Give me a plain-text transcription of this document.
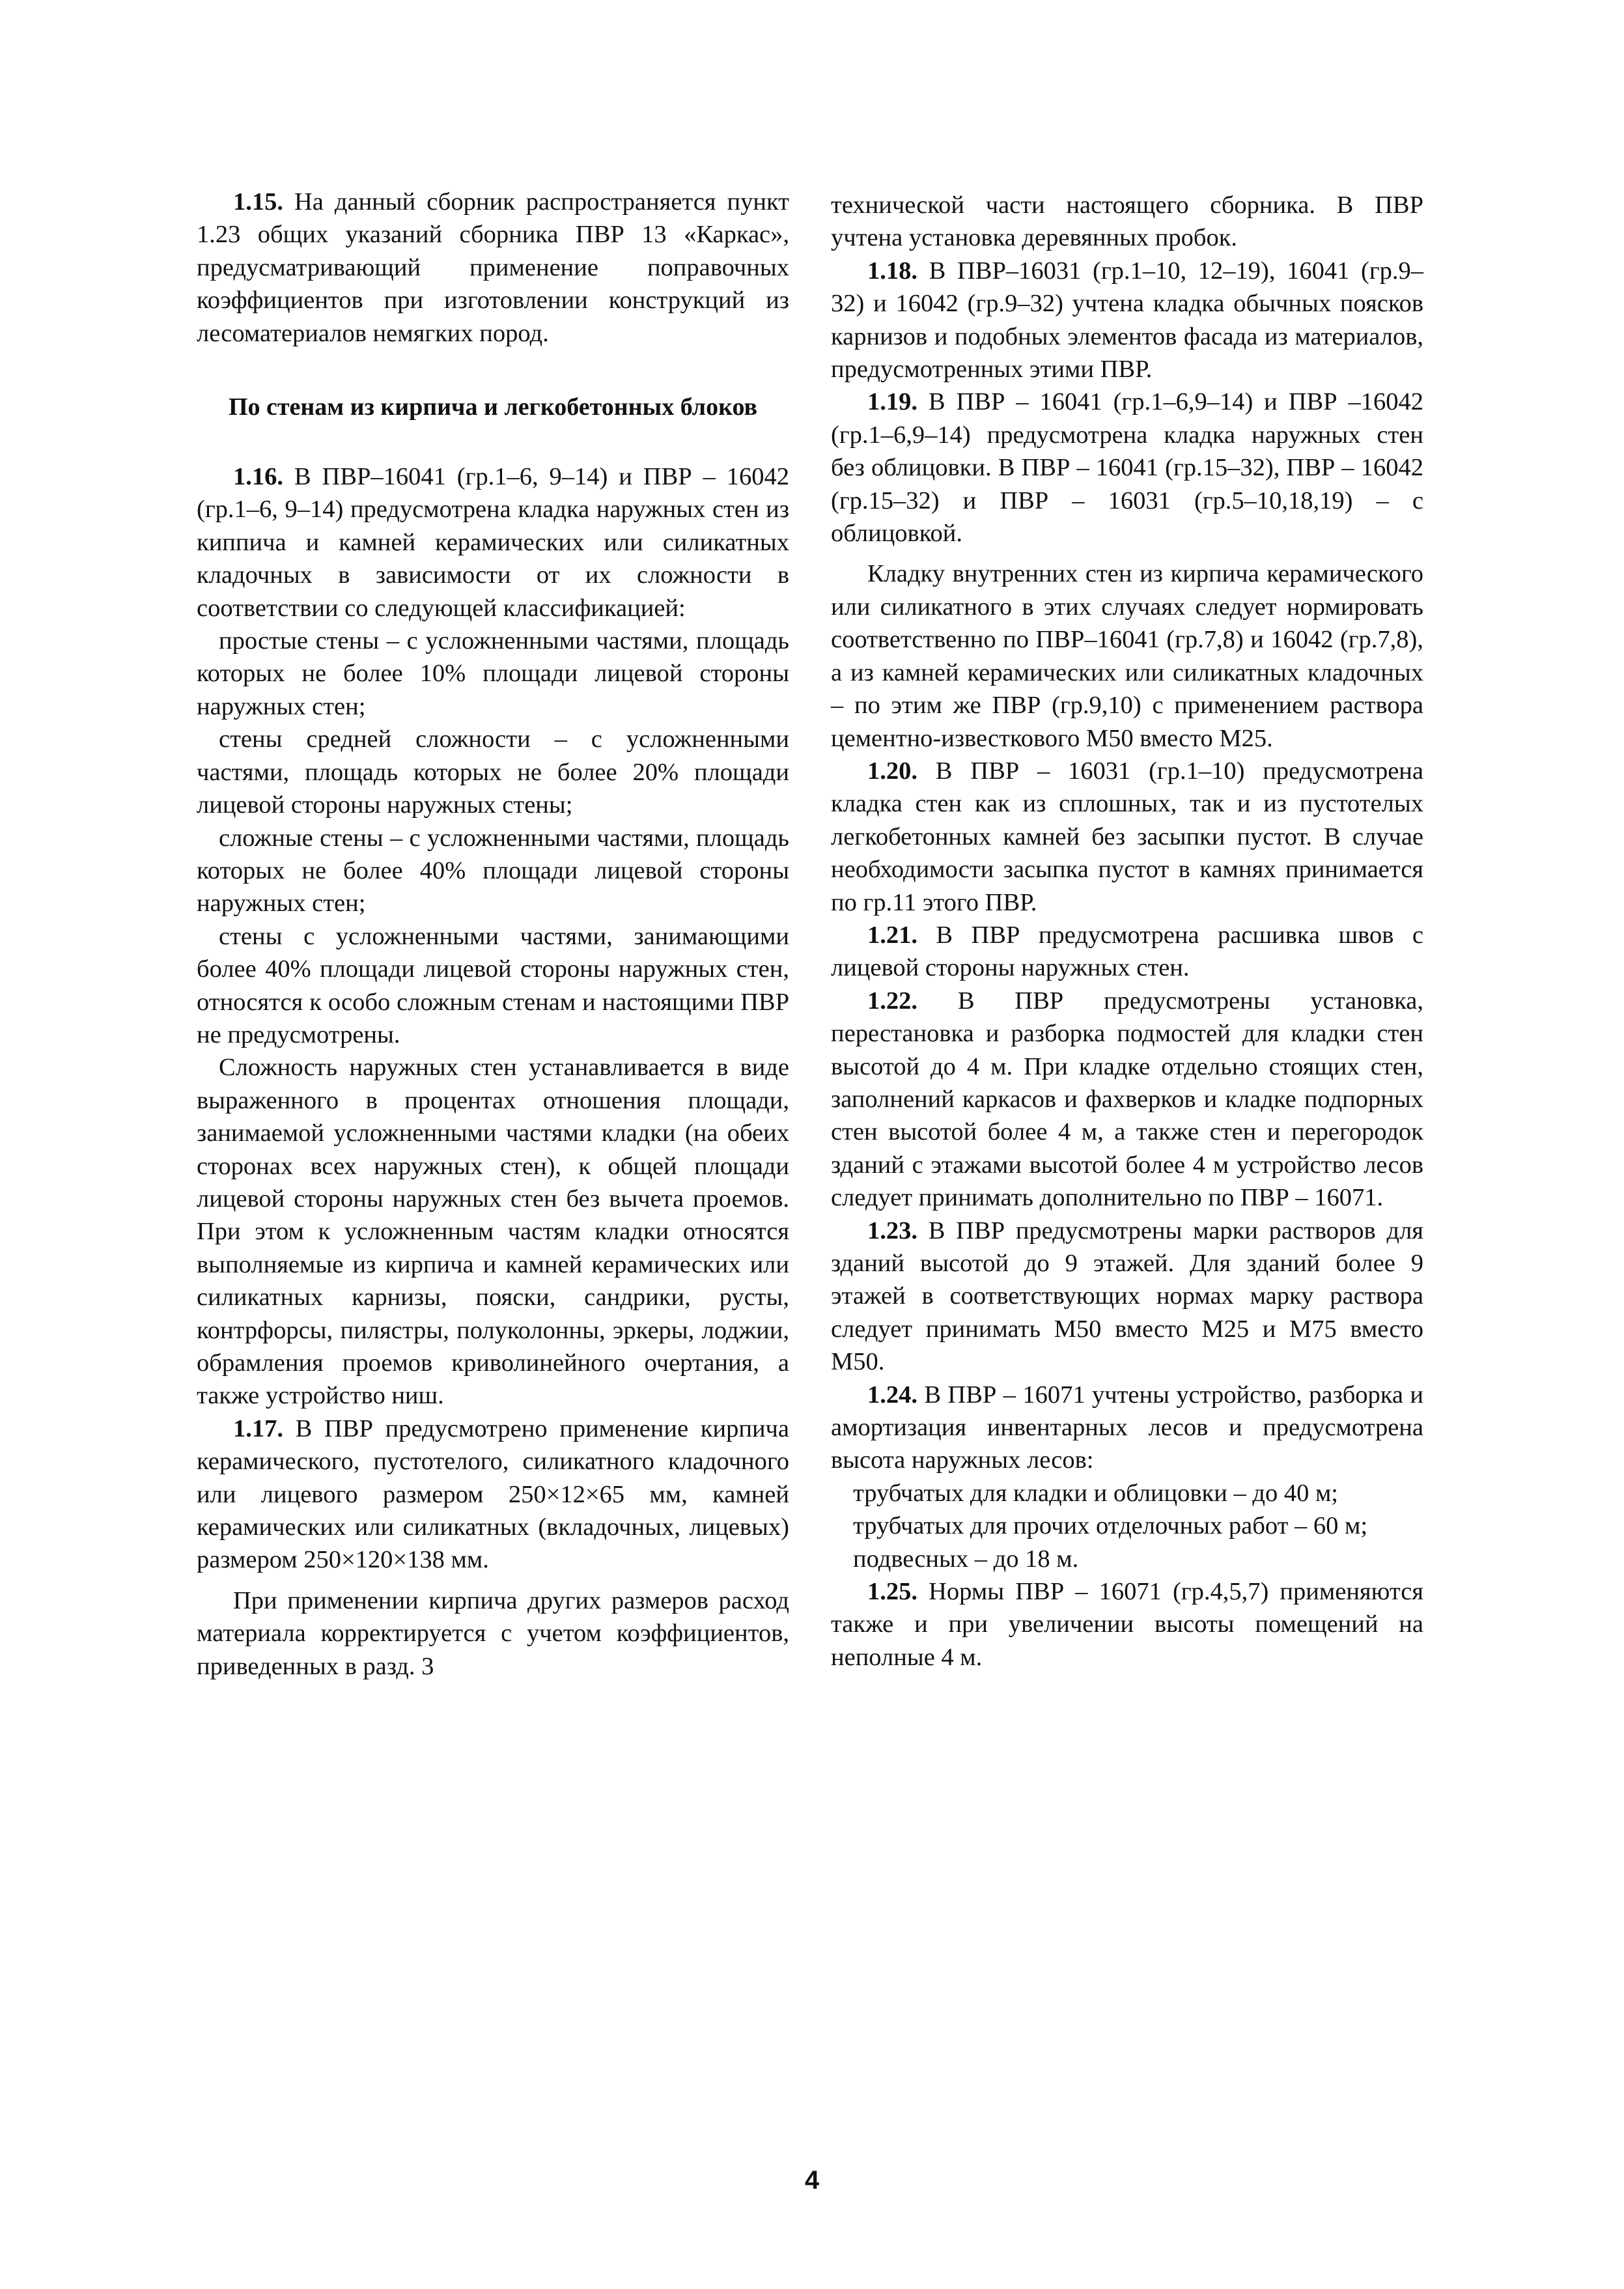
1.15. На данный сборник распространяется пункт 1.23 общих указаний сборника ПВР 13 «Каркас», предусматривающий применение поправочных коэффициентов при изготовлении конструкций из лесоматериалов немягких пород.

По стенам из кирпича и легкобетонных блоков

1.16. В ПВР–16041 (гр.1–6, 9–14) и ПВР – 16042 (гр.1–6, 9–14) предусмотрена кладка наружных стен из киппича и камней керамических или силикатных кладочных в зависимости от их сложности в соответствии со следующей классификацией:

простые стены – с усложненными частями, площадь которых не более 10% площади лицевой стороны наружных стен;

стены средней сложности – с усложненными частями, площадь которых не более 20% площади лицевой стороны наружных стены;

сложные стены – с усложненными частями, площадь которых не более 40% площади лицевой стороны наружных стен;

стены с усложненными частями, занимающими более 40% площади лицевой стороны наружных стен, относятся к особо сложным стенам и настоящими ПВР не предусмотрены.

Сложность наружных стен устанавливается в виде выраженного в процентах отношения площади, занимаемой усложненными частями кладки (на обеих сторонах всех наружных стен), к общей площади лицевой стороны наружных стен без вычета проемов. При этом к усложненным частям кладки относятся выполняемые из кирпича и камней керамических или силикатных карнизы, пояски, сандрики, русты, контрфорсы, пилястры, полуколонны, эркеры, лоджии, обрамления проемов криволинейного очертания, а также устройство ниш.

1.17. В ПВР предусмотрено применение кирпича керамического, пустотелого, силикатного кладочного или лицевого размером 250×12×65 мм, камней керамических или силикатных (вкладочных, лицевых) размером 250×120×138 мм.

При применении кирпича других размеров расход материала корректируется с учетом коэффициентов, приведенных в разд. 3

технической части настоящего сборника. В ПВР учтена установка деревянных пробок.

1.18. В ПВР–16031 (гр.1–10, 12–19), 16041 (гр.9–32) и 16042 (гр.9–32) учтена кладка обычных поясков карнизов и подобных элементов фасада из материалов, предусмотренных этими ПВР.

1.19. В ПВР – 16041 (гр.1–6,9–14) и ПВР –16042 (гр.1–6,9–14) предусмотрена кладка наружных стен без облицовки. В ПВР – 16041 (гр.15–32), ПВР – 16042 (гр.15–32) и ПВР – 16031 (гр.5–10,18,19) – с облицовкой.

Кладку внутренних стен из кирпича керамического или силикатного в этих случаях следует нормировать соответственно по ПВР–16041 (гр.7,8) и 16042 (гр.7,8), а из камней керамических или силикатных кладочных – по этим же ПВР (гр.9,10) с применением раствора цементно-известкового М50 вместо М25.

1.20. В ПВР – 16031 (гр.1–10) предусмотрена кладка стен как из сплошных, так и из пустотелых легкобетонных камней без засыпки пустот. В случае необходимости засыпка пустот в камнях принимается по гр.11 этого ПВР.

1.21. В ПВР предусмотрена расшивка швов с лицевой стороны наружных стен.

1.22. В ПВР предусмотрены установка, перестановка и разборка подмостей для кладки стен высотой до 4 м. При кладке отдельно стоящих стен, заполнений каркасов и фахверков и кладке подпорных стен высотой более 4 м, а также стен и перегородок зданий с этажами высотой более 4 м устройство лесов следует принимать дополнительно по ПВР – 16071.

1.23. В ПВР предусмотрены марки растворов для зданий высотой до 9 этажей. Для зданий более 9 этажей в соответствующих нормах марку раствора следует принимать М50 вместо М25 и М75 вместо М50.

1.24. В ПВР – 16071 учтены устройство, разборка и амортизация инвентарных лесов и предусмотрена высота наружных лесов:

трубчатых для кладки и облицовки – до 40 м;

трубчатых для прочих отделочных работ – 60 м;

подвесных – до 18 м.

1.25. Нормы ПВР – 16071 (гр.4,5,7) применяются также и при увеличении высоты помещений на неполные 4 м.

4
